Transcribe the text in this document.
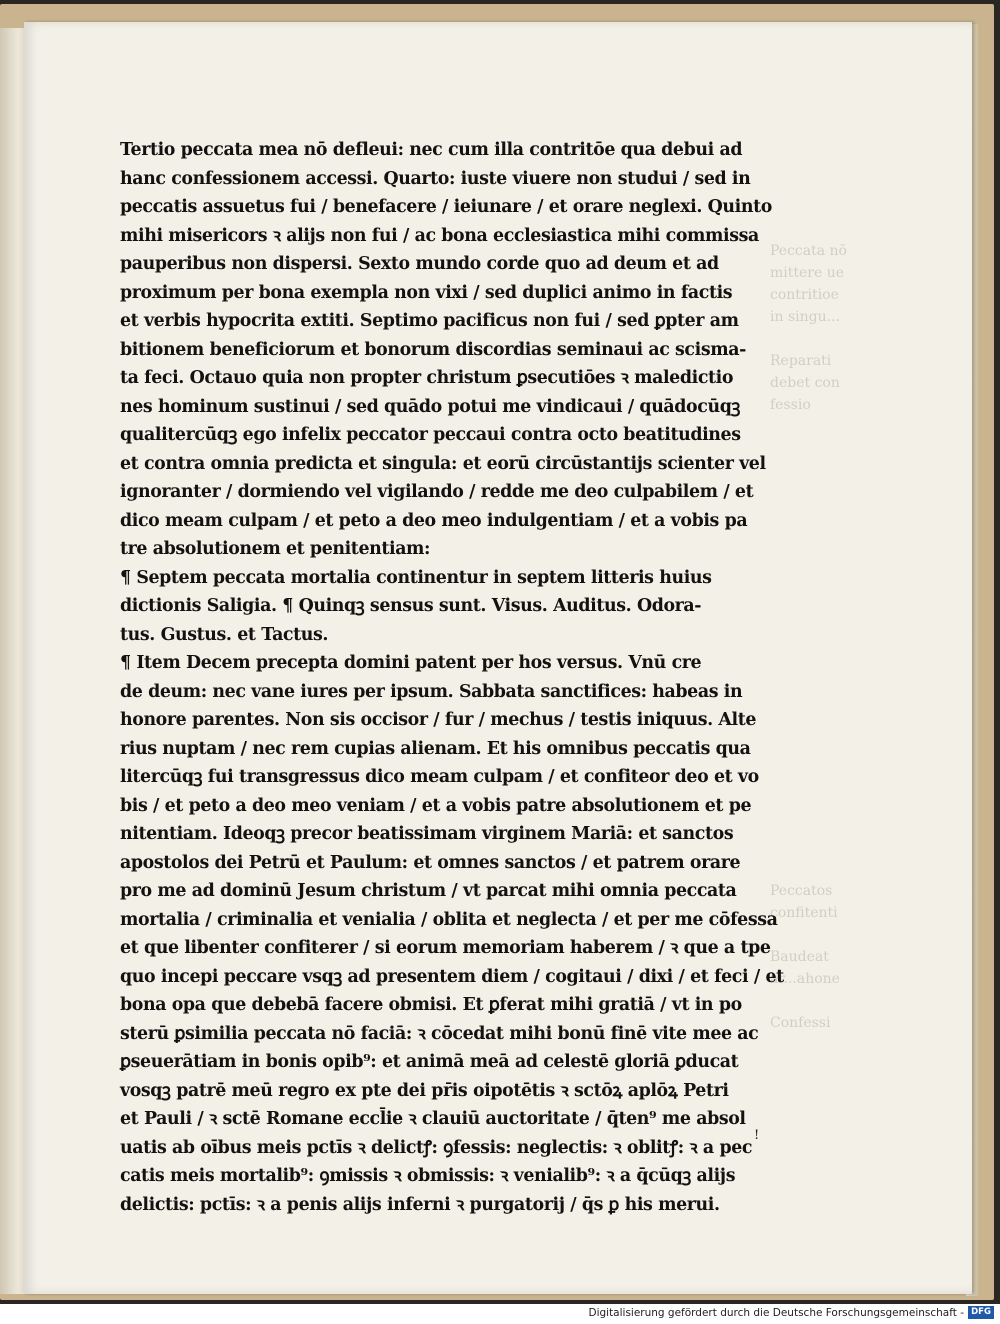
Peccata nō
mittere ue
contritioe
in singu...
Reparati
debet con
fessio
Peccatos
confitenti
Baudeat
ar...ahone
Confessi
Tertio peccata mea nō defleui: nec cum illa contritōe qua debui ad
hanc confessionem accessi. Quarto: iuste viuere non studui / sed in
peccatis assuetus fui / benefacere / ieiunare / et orare neglexi. Quinto
mihi misericors ꝛ alijs non fui / ac bona ecclesiastica mihi commissa
pauperibus non dispersi. Sexto mundo corde quo ad deum et ad
proximum per bona exempla non vixi / sed duplici animo in factis
et verbis hypocrita extiti. Septimo pacificus non fui / sed ꝑpter am
bitionem beneficiorum et bonorum discordias seminaui ac scisma-
ta feci. Octauo quia non propter christum ꝑsecutiōes ꝛ maledictio
nes hominum sustinui / sed quādo potui me vindicaui / quādocūqꝫ
qualitercūqꝫ ego infelix peccator peccaui contra octo beatitudines
et contra omnia predicta et singula: et eorū circūstantijs scienter vel
ignoranter / dormiendo vel vigilando / redde me deo culpabilem / et
dico meam culpam / et peto a deo meo indulgentiam / et a vobis pa
tre absolutionem et penitentiam:
¶ Septem peccata mortalia continentur in septem litteris huius
dictionis Saligia. ¶ Quinqꝫ sensus sunt. Visus. Auditus. Odora-
tus. Gustus. et Tactus.
¶ Item Decem precepta domini patent per hos versus. Vnū cre
de deum: nec vane iures per ipsum. Sabbata sanctifices: habeas in
honore parentes. Non sis occisor / fur / mechus / testis iniquus. Alte
rius nuptam / nec rem cupias alienam. Et his omnibus peccatis qua
litercūqꝫ fui transgressus dico meam culpam / et confiteor deo et vo
bis / et peto a deo meo veniam / et a vobis patre absolutionem et pe
nitentiam. Ideoqꝫ precor beatissimam virginem Mariā: et sanctos
apostolos dei Petrū et Paulum: et omnes sanctos / et patrem orare
pro me ad dominū Jesum christum / vt parcat mihi omnia peccata
mortalia / criminalia et venialia / oblita et neglecta / et per me cōfessa
et que libenter confiterer / si eorum memoriam haberem / ꝛ que a tpe
quo incepi peccare vsqꝫ ad presentem diem / cogitaui / dixi / et feci / et
bona opa que debebā facere obmisi. Et ꝑferat mihi gratiā / vt in po
sterū ꝑsimilia peccata nō faciā: ꝛ cōcedat mihi bonū finē vite mee ac
ꝑseuerātiam in bonis opib⁹: et animā meā ad celestē gloriā ꝑducat
vosqꝫ patrē meū regro ex pte dei pr̄is oipotētis ꝛ sctōꝝ aplōꝝ Petri
et Pauli / ꝛ sctē Romane eccl̄ie ꝛ clauiū auctoritate / q̄ten⁹ me absol
uatis ab oībus meis pctīs ꝛ delictꝭ: ꝯfessis: neglectis: ꝛ oblitꝭ: ꝛ a pec
catis meis mortalib⁹: ꝯmissis ꝛ obmissis: ꝛ venialib⁹: ꝛ a q̄cūqꝫ alijs
delictis: pctīs: ꝛ a penis alijs inferni ꝛ purgatorij / q̄s ꝑ his merui.
!
Digitalisierung gefördert durch die Deutsche Forschungsgemeinschaft - DFG
